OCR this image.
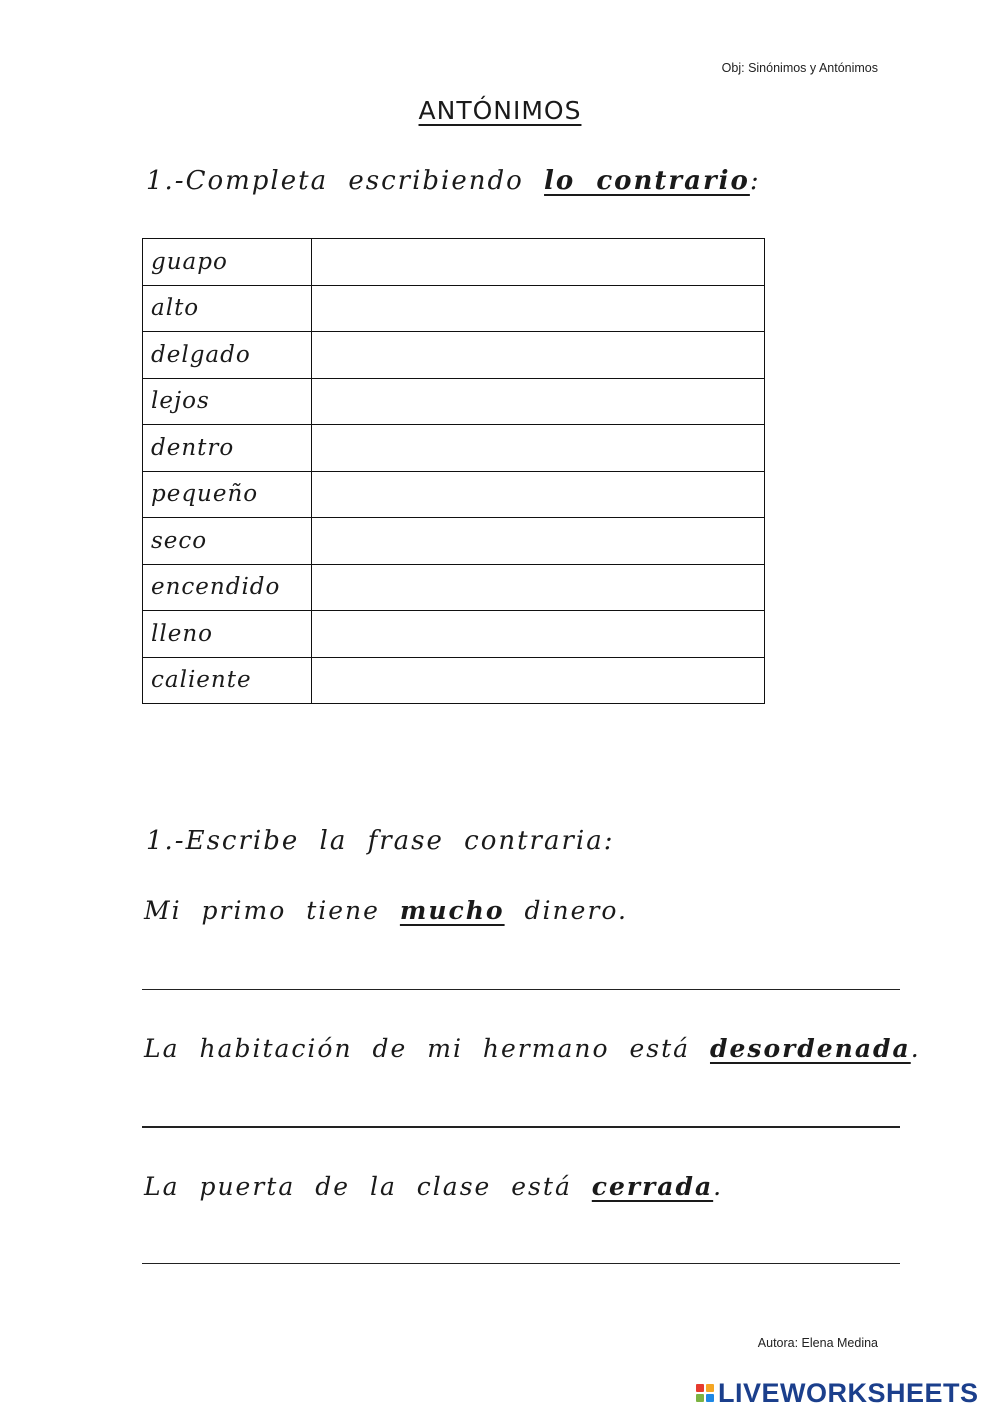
Obj: Sinónimos y Antónimos
ANTÓNIMOS
1.-Completa escribiendo lo contrario:
guapo	
alto	
delgado	
lejos	
dentro	
pequeño	
seco	
encendido	
lleno	
caliente	
1.-Escribe la frase contraria:
Mi primo tiene mucho dinero.
La habitación de mi hermano está desordenada.
La puerta de la clase está cerrada.
Autora: Elena Medina
LIVEWORKSHEETS
